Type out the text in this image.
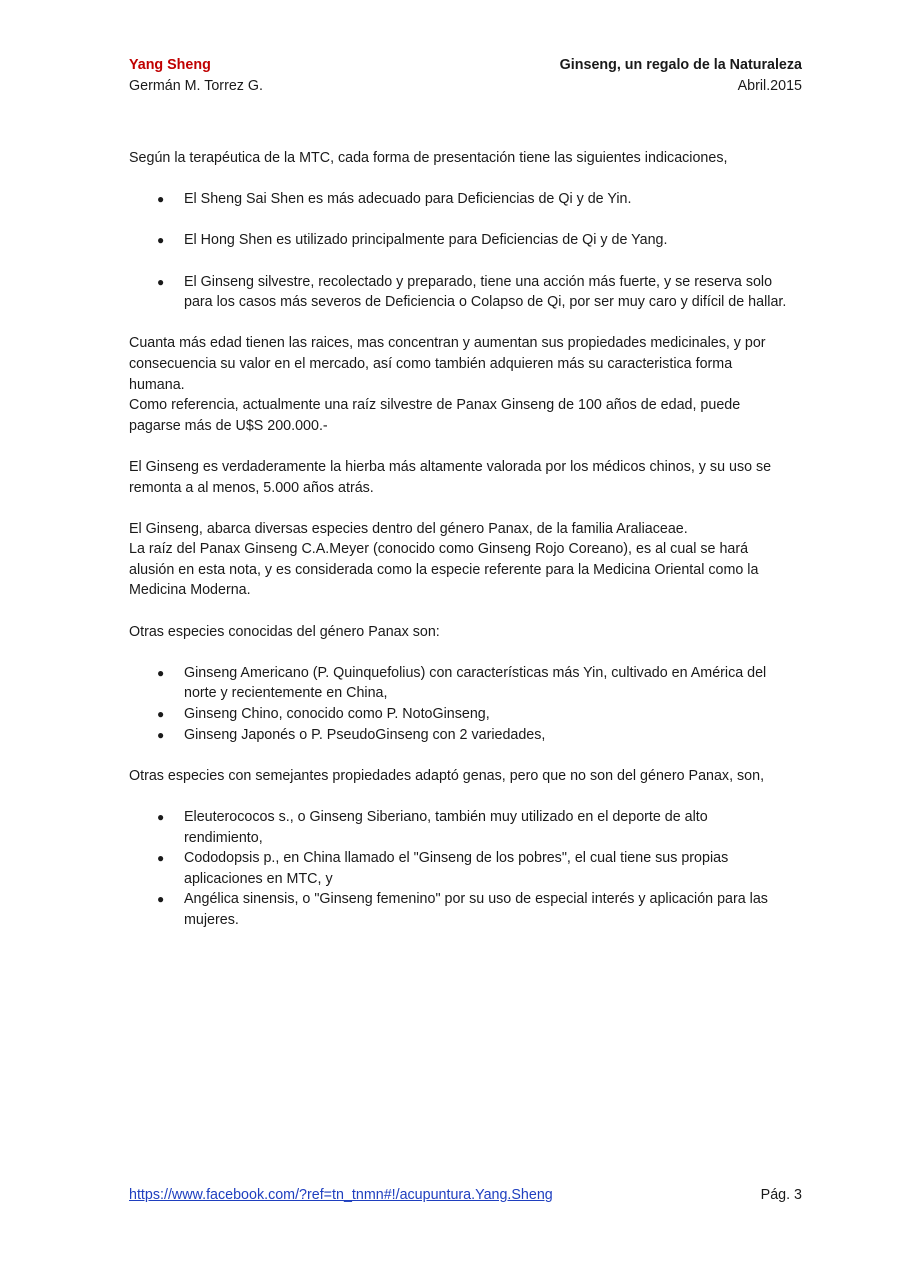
Yang Sheng	Ginseng, un regalo de la Naturaleza
Germán M. Torrez G.	Abril.2015

Según la terapéutica de la MTC, cada forma de presentación tiene las siguientes indicaciones,

● El Sheng Sai Shen es más adecuado para Deficiencias de Qi y de Yin.
● El Hong Shen es utilizado principalmente para Deficiencias de Qi y de Yang.
● El Ginseng silvestre, recolectado y preparado, tiene una acción más fuerte, y se reserva solo para los casos más severos de Deficiencia o Colapso de Qi, por ser muy caro y difícil de hallar.

Cuanta más edad tienen las raices, mas concentran y aumentan sus propiedades medicinales, y por consecuencia su valor en el mercado, así como también adquieren más su caracteristica forma humana.

Como referencia, actualmente una raíz silvestre de Panax Ginseng de 100 años de edad, puede pagarse más de U$S 200.000.-

El Ginseng es verdaderamente la hierba más altamente valorada por los médicos chinos, y su uso se remonta a al menos, 5.000 años atrás.

El Ginseng, abarca diversas especies dentro del género Panax, de la familia Araliaceae.

La raíz del Panax Ginseng C.A.Meyer (conocido como Ginseng Rojo Coreano), es al cual se hará alusión en esta nota, y es considerada como la especie referente para la Medicina Oriental como la Medicina Moderna.

Otras especies conocidas del género Panax son:

● Ginseng Americano (P. Quinquefolius) con características más Yin, cultivado en América del norte y recientemente en China,
● Ginseng Chino, conocido como P. NotoGinseng,
● Ginseng Japonés o P. PseudoGinseng con 2 variedades,

Otras especies con semejantes propiedades adaptó genas, pero que no son del género Panax, son,

● Eleuterococos s., o Ginseng Siberiano, también muy utilizado en el deporte de alto rendimiento,
● Cododopsis p., en China llamado el "Ginseng de los pobres", el cual tiene sus propias aplicaciones en MTC, y
● Angélica sinensis, o "Ginseng femenino" por su uso de especial interés y aplicación para las mujeres.
https://www.facebook.com/?ref=tn_tnmn#!/acupuntura.Yang.Sheng	Pág. 3
